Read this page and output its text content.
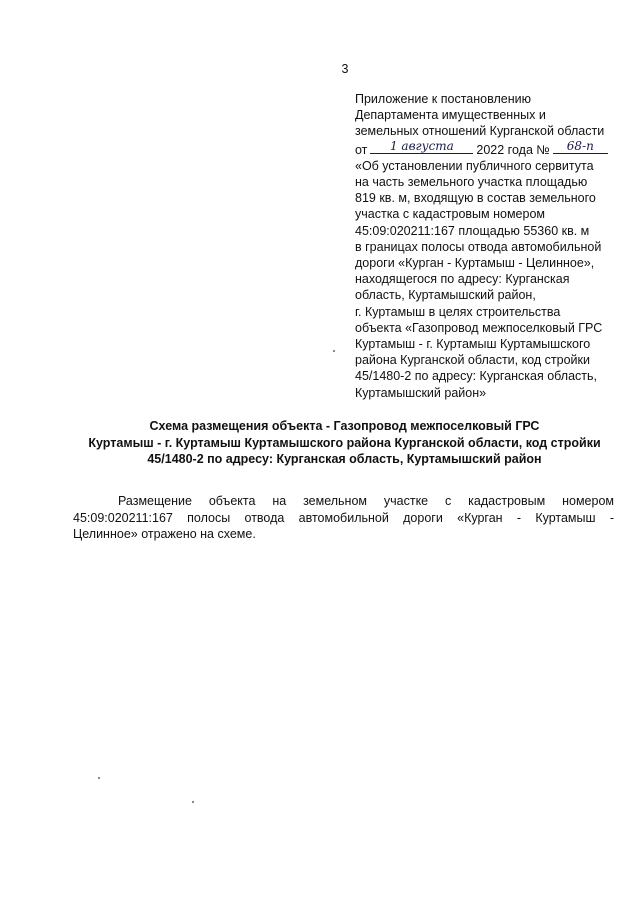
3
Приложение к постановлению
Департамента имущественных и
земельных отношений Курганской области
от	1 августа	2022 года №	68-п
«Об установлении публичного сервитута
на часть земельного участка площадью
819 кв. м, входящую в состав земельного
участка с кадастровым номером
45:09:020211:167 площадью 55360 кв. м
в границах полосы отвода автомобильной
дороги «Курган - Куртамыш - Целинное»,
находящегося по адресу: Курганская
область, Куртамышский район,
г. Куртамыш в целях строительства
объекта «Газопровод межпоселковый ГРС
Куртамыш - г. Куртамыш Куртамышского
района Курганской области, код стройки
45/1480-2 по адресу: Курганская область,
Куртамышский район»
Схема размещения объекта - Газопровод межпоселковый ГРС
Куртамыш - г. Куртамыш Куртамышского района Курганской области, код стройки
45/1480-2 по адресу: Курганская область, Куртамышский район
Размещение объекта на земельном участке с кадастровым номером
45:09:020211:167 полосы отвода автомобильной дороги «Курган - Куртамыш -
Целинное» отражено на схеме.
